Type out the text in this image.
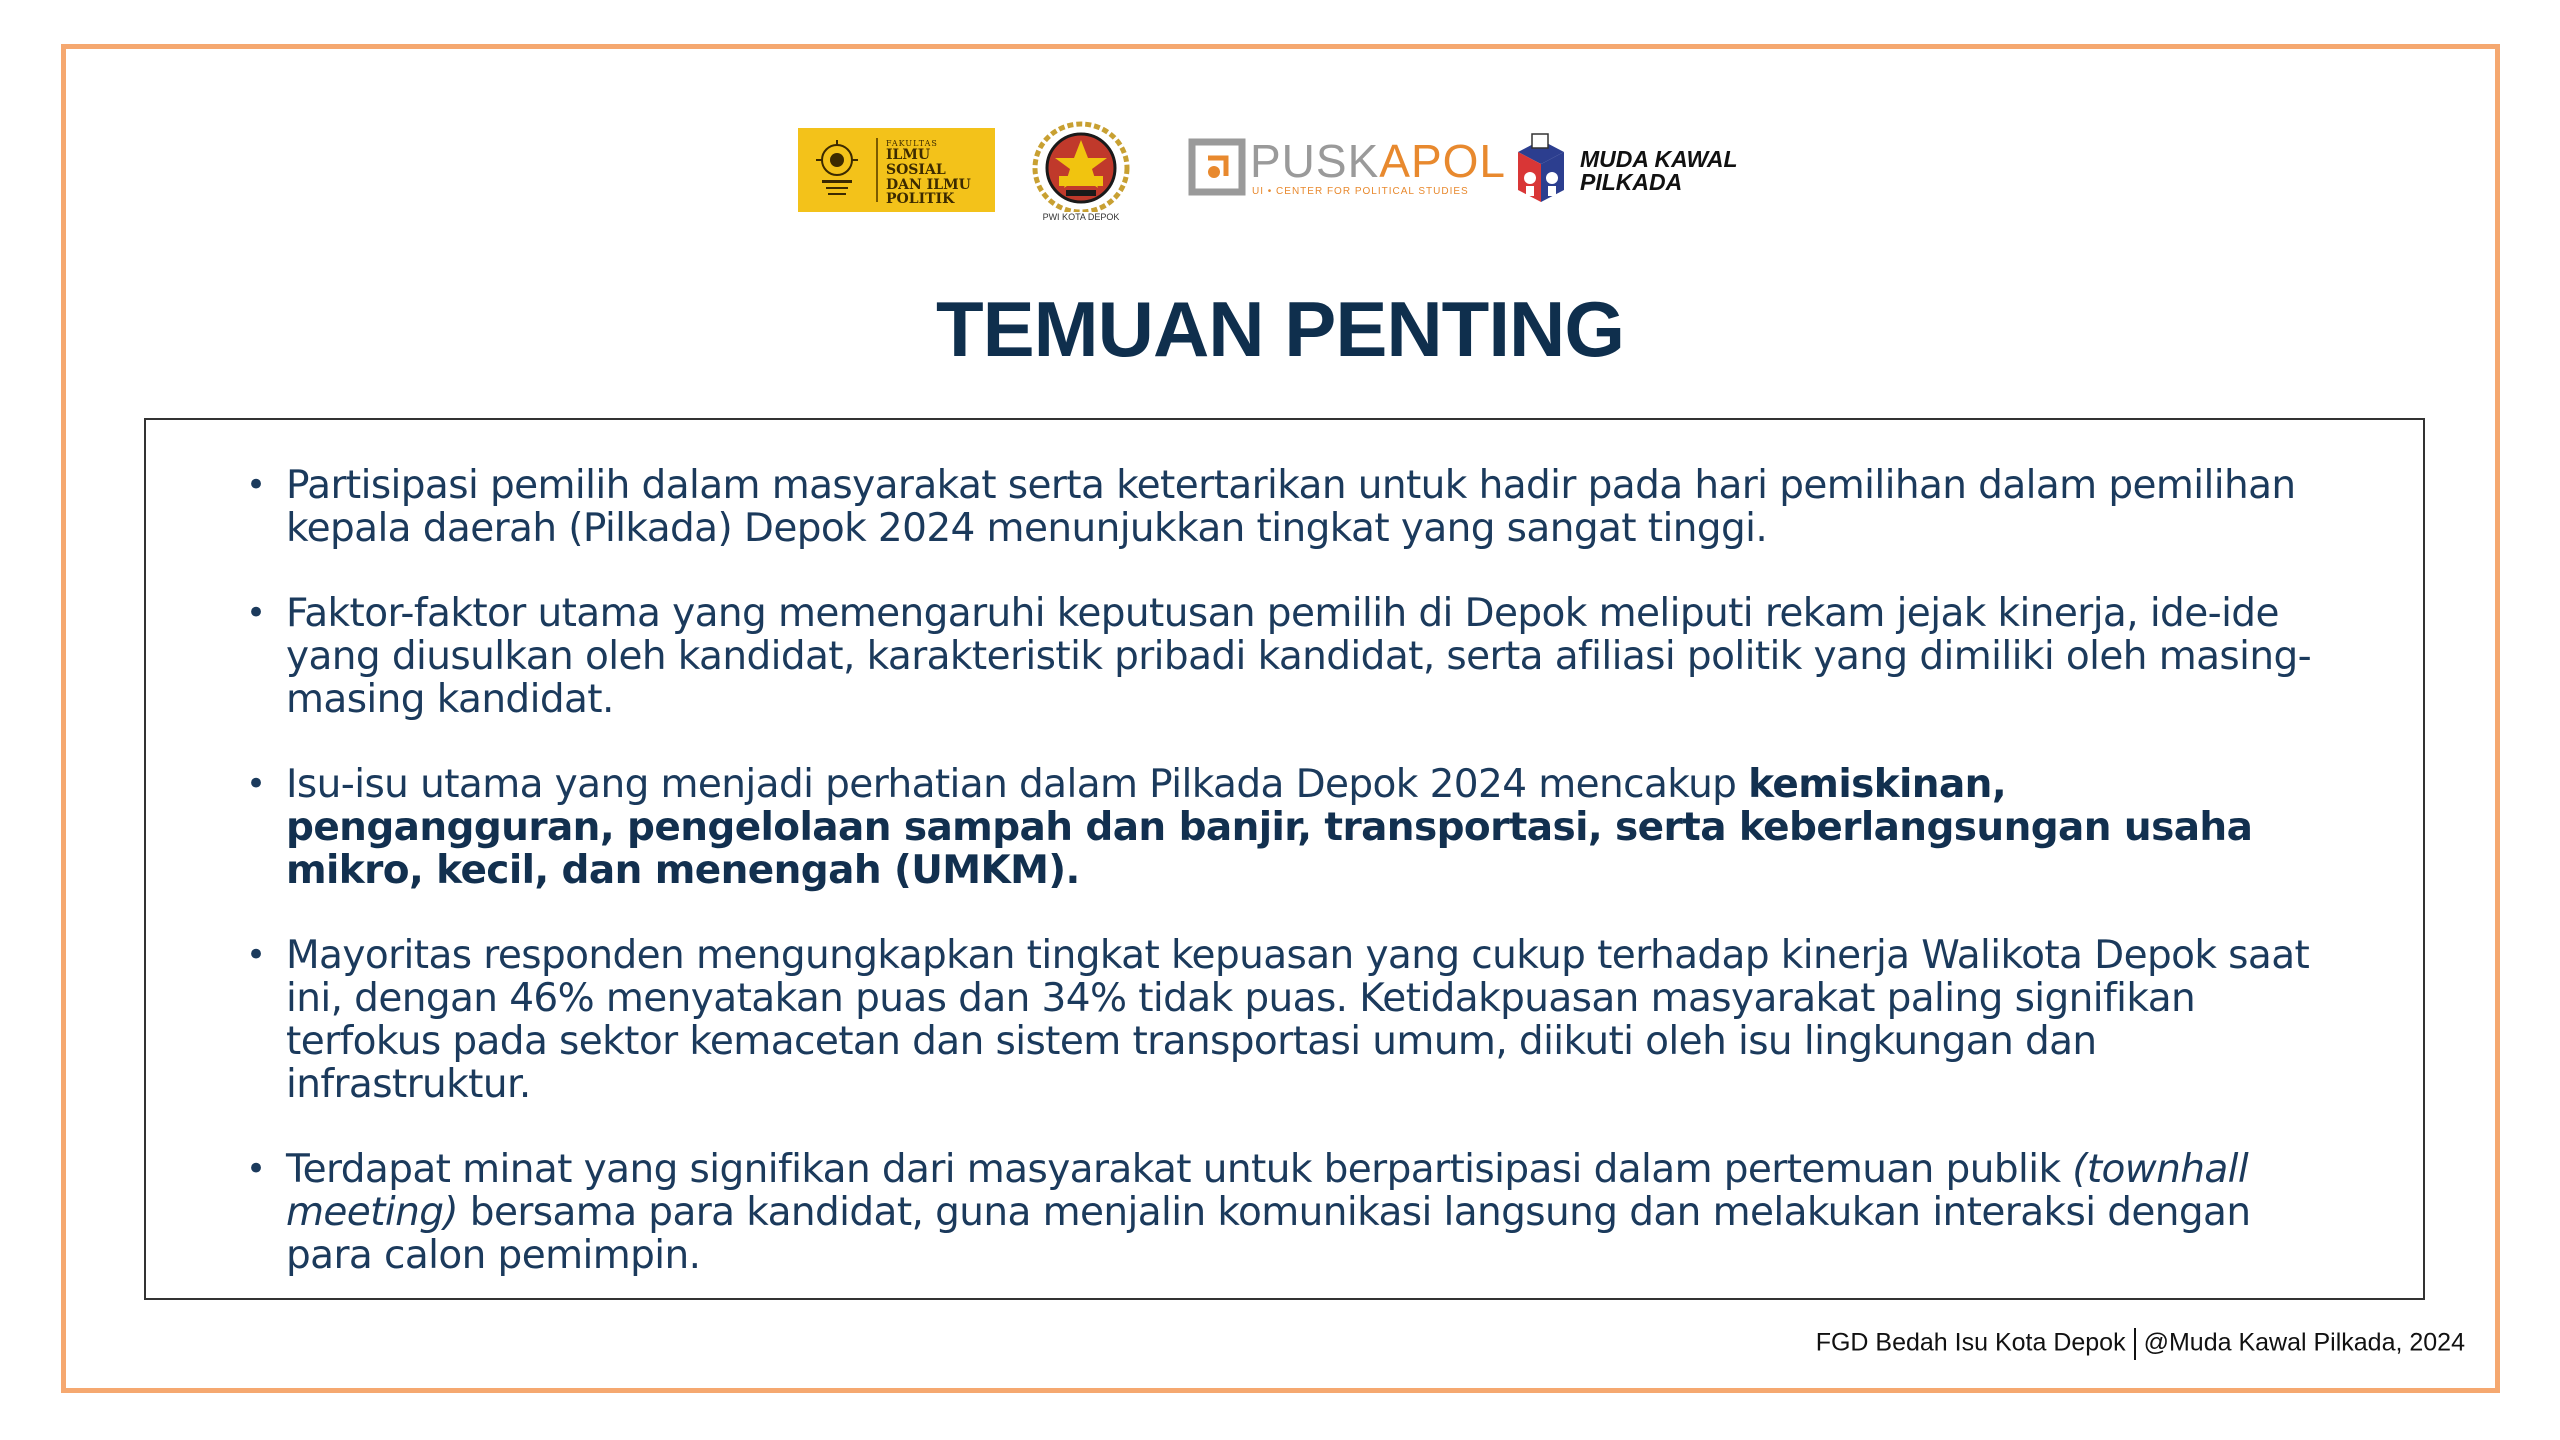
FAKULTAS
ILMU SOSIAL
DAN ILMU
POLITIK
PWI KOTA DEPOK
PUSKAPOL
UI • CENTER FOR POLITICAL STUDIES
MUDA KAWAL
PILKADA
TEMUAN PENTING
• Partisipasi pemilih dalam masyarakat serta ketertarikan untuk hadir pada hari pemilihan dalam pemilihan kepala daerah (Pilkada) Depok 2024 menunjukkan tingkat yang sangat tinggi.
• Faktor-faktor utama yang memengaruhi keputusan pemilih di Depok meliputi rekam jejak kinerja, ide-ide yang diusulkan oleh kandidat, karakteristik pribadi kandidat, serta afiliasi politik yang dimiliki oleh masing-masing kandidat.
• Isu-isu utama yang menjadi perhatian dalam Pilkada Depok 2024 mencakup kemiskinan, pengangguran, pengelolaan sampah dan banjir, transportasi, serta keberlangsungan usaha mikro, kecil, dan menengah (UMKM).
• Mayoritas responden mengungkapkan tingkat kepuasan yang cukup terhadap kinerja Walikota Depok saat ini, dengan 46% menyatakan puas dan 34% tidak puas. Ketidakpuasan masyarakat paling signifikan terfokus pada sektor kemacetan dan sistem transportasi umum, diikuti oleh isu lingkungan dan infrastruktur.
• Terdapat minat yang signifikan dari masyarakat untuk berpartisipasi dalam pertemuan publik (townhall meeting) bersama para kandidat, guna menjalin komunikasi langsung dan melakukan interaksi dengan para calon pemimpin.
FGD Bedah Isu Kota Depok @Muda Kawal Pilkada, 2024
